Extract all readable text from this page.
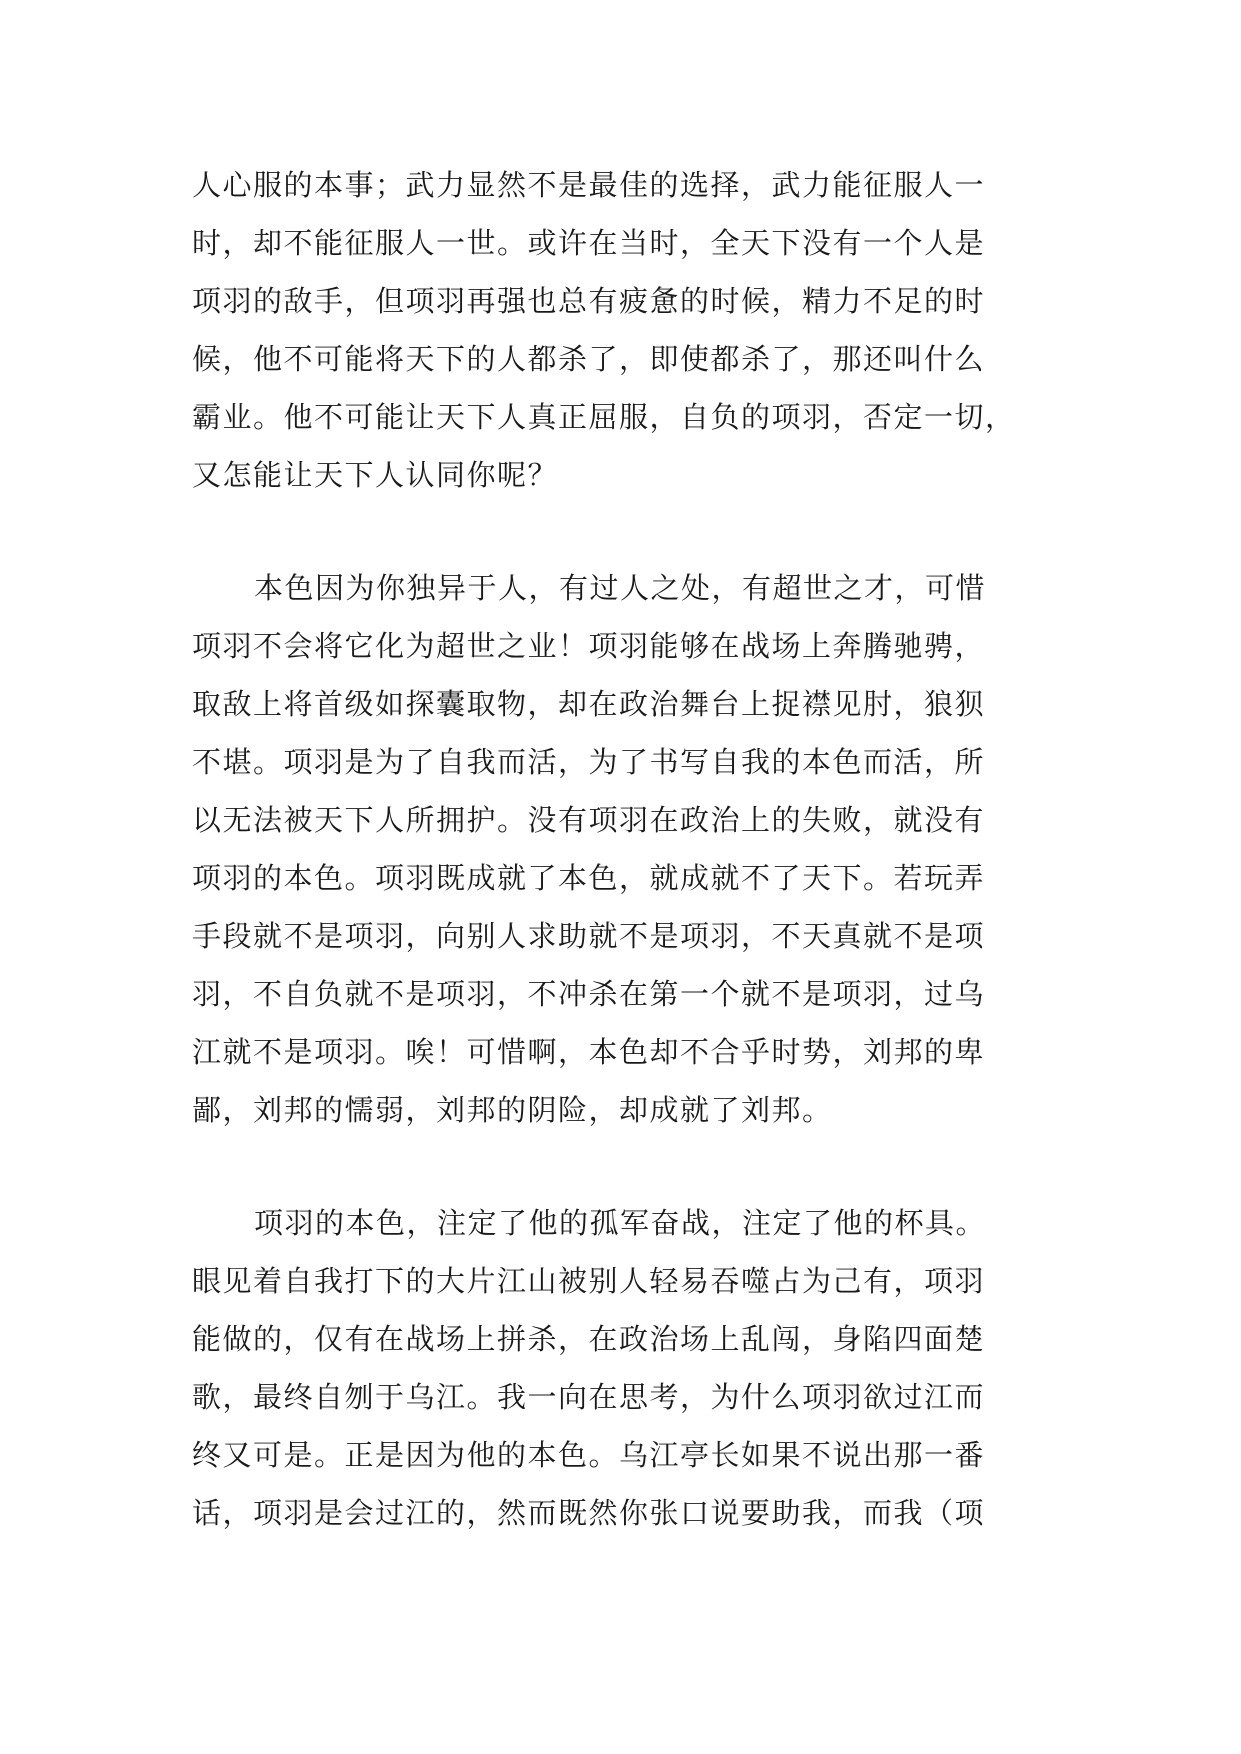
人心服的本事；武力显然不是最佳的选择，武力能征服人一
时，却不能征服人一世。或许在当时，全天下没有一个人是
项羽的敌手，但项羽再强也总有疲惫的时候，精力不足的时
候，他不可能将天下的人都杀了，即使都杀了，那还叫什么
霸业。他不可能让天下人真正屈服，自负的项羽，否定一切，
又怎能让天下人认同你呢？
本色因为你独异于人，有过人之处，有超世之才，可惜
项羽不会将它化为超世之业！项羽能够在战场上奔腾驰骋，
取敌上将首级如探囊取物，却在政治舞台上捉襟见肘，狼狈
不堪。项羽是为了自我而活，为了书写自我的本色而活，所
以无法被天下人所拥护。没有项羽在政治上的失败，就没有
项羽的本色。项羽既成就了本色，就成就不了天下。若玩弄
手段就不是项羽，向别人求助就不是项羽，不天真就不是项
羽，不自负就不是项羽，不冲杀在第一个就不是项羽，过乌
江就不是项羽。唉！可惜啊，本色却不合乎时势，刘邦的卑
鄙，刘邦的懦弱，刘邦的阴险，却成就了刘邦。
项羽的本色，注定了他的孤军奋战，注定了他的杯具。
眼见着自我打下的大片江山被别人轻易吞噬占为己有，项羽
能做的，仅有在战场上拼杀，在政治场上乱闯，身陷四面楚
歌，最终自刎于乌江。我一向在思考，为什么项羽欲过江而
终又可是。正是因为他的本色。乌江亭长如果不说出那一番
话，项羽是会过江的，然而既然你张口说要助我，而我（项
